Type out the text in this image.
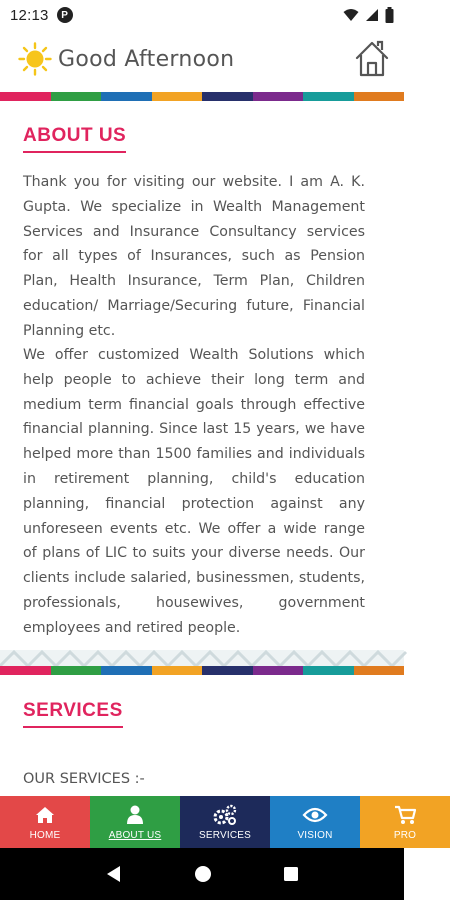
12:13	P
Good Afternoon
ABOUT US

Thank you for visiting our website. I am A. K. Gupta. We specialize in Wealth Management Services and Insurance Consultancy services for all types of Insurances, such as Pension Plan, Health Insurance, Term Plan, Children education/ Marriage/Securing future, Financial Planning etc.

We offer customized Wealth Solutions which help people to achieve their long term and medium term financial goals through effective financial planning. Since last 15 years, we have helped more than 1500 families and individuals in retirement planning, child's education planning, financial protection against any unforeseen events etc. We offer a wide range of plans of LIC to suits your diverse needs. Our clients include salaried, businessmen, students, professionals, housewives, government employees and retired people.

SERVICES
OUR SERVICES :-
HOME	ABOUT US	SERVICES	VISION	PRO
